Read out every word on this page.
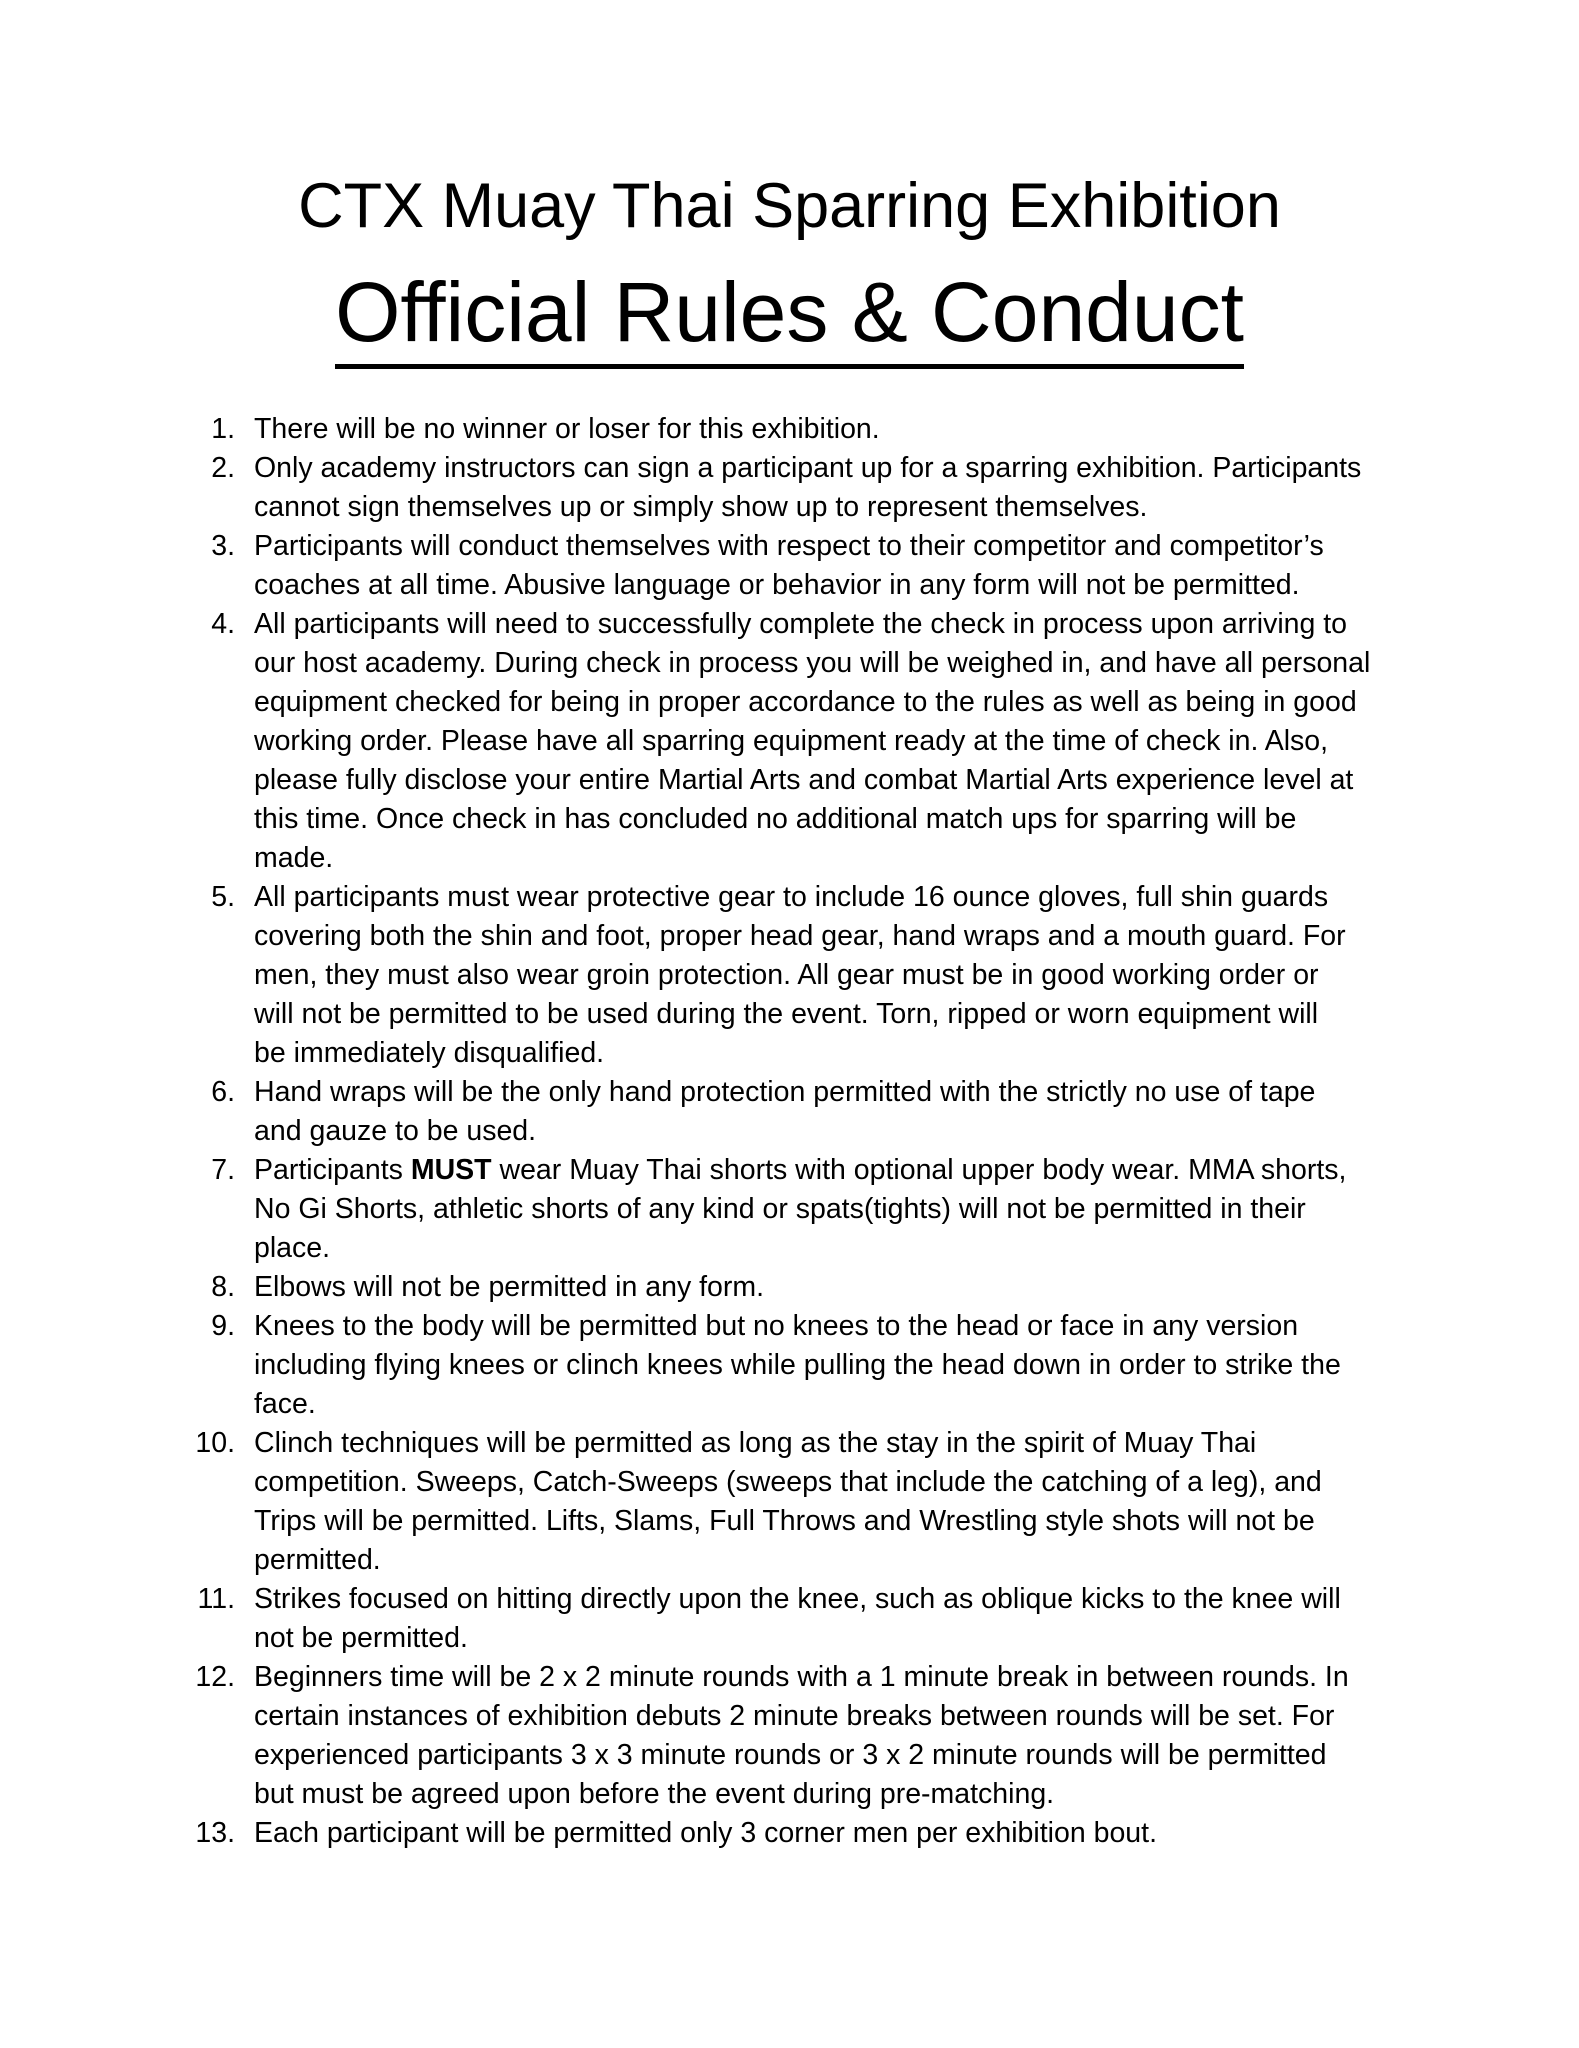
CTX Muay Thai Sparring Exhibition
Official Rules & Conduct
1. There will be no winner or loser for this exhibition.
2. Only academy instructors can sign a participant up for a sparring exhibition. Participants
cannot sign themselves up or simply show up to represent themselves.
3. Participants will conduct themselves with respect to their competitor and competitor’s
coaches at all time. Abusive language or behavior in any form will not be permitted.
4. All participants will need to successfully complete the check in process upon arriving to
our host academy. During check in process you will be weighed in, and have all personal
equipment checked for being in proper accordance to the rules as well as being in good
working order. Please have all sparring equipment ready at the time of check in. Also,
please fully disclose your entire Martial Arts and combat Martial Arts experience level at
this time. Once check in has concluded no additional match ups for sparring will be
made.
5. All participants must wear protective gear to include 16 ounce gloves, full shin guards
covering both the shin and foot, proper head gear, hand wraps and a mouth guard. For
men, they must also wear groin protection. All gear must be in good working order or
will not be permitted to be used during the event. Torn, ripped or worn equipment will
be immediately disqualified.
6. Hand wraps will be the only hand protection permitted with the strictly no use of tape
and gauze to be used.
7. Participants MUST wear Muay Thai shorts with optional upper body wear. MMA shorts,
No Gi Shorts, athletic shorts of any kind or spats(tights) will not be permitted in their
place.
8. Elbows will not be permitted in any form.
9. Knees to the body will be permitted but no knees to the head or face in any version
including flying knees or clinch knees while pulling the head down in order to strike the
face.
10. Clinch techniques will be permitted as long as the stay in the spirit of Muay Thai
competition. Sweeps, Catch-Sweeps (sweeps that include the catching of a leg), and
Trips will be permitted. Lifts, Slams, Full Throws and Wrestling style shots will not be
permitted.
11. Strikes focused on hitting directly upon the knee, such as oblique kicks to the knee will
not be permitted.
12. Beginners time will be 2 x 2 minute rounds with a 1 minute break in between rounds. In
certain instances of exhibition debuts 2 minute breaks between rounds will be set. For
experienced participants 3 x 3 minute rounds or 3 x 2 minute rounds will be permitted
but must be agreed upon before the event during pre-matching.
13. Each participant will be permitted only 3 corner men per exhibition bout.
